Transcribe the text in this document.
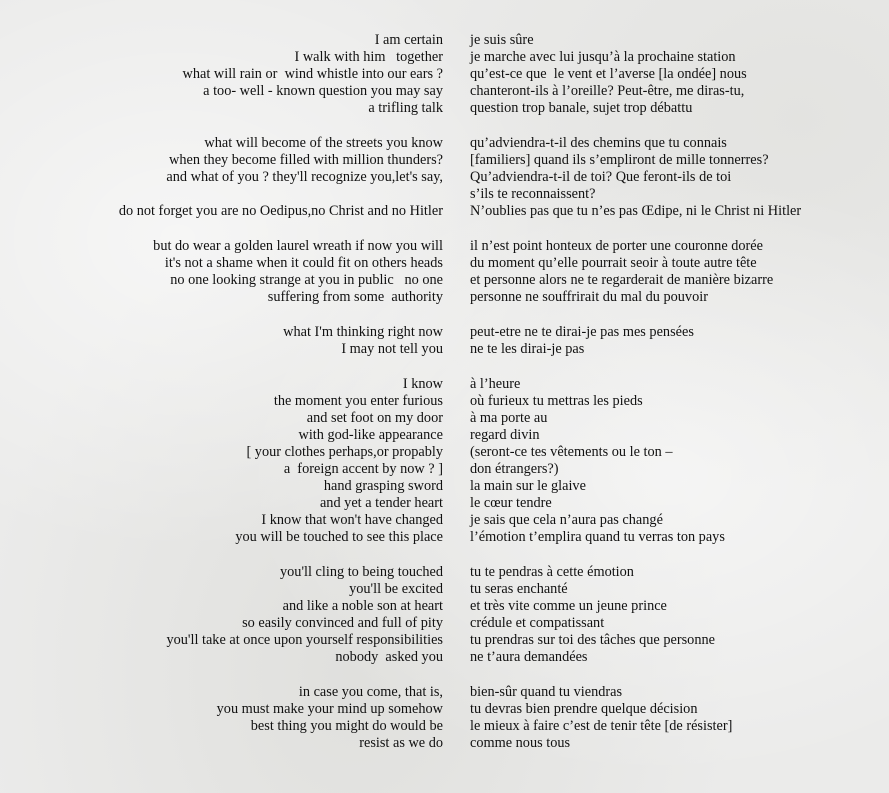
I am certain je suis sûre
I walk with him   together je marche avec lui jusqu’à la prochaine station
what will rain or  wind whistle into our ears ? qu’est-ce que  le vent et l’averse [la ondée] nous
a too- well - known question you may say chanteront-ils à l’oreille? Peut-être, me diras-tu,
a trifling talk question trop banale, sujet trop débattu
what will become of the streets you know qu’adviendra-t-il des chemins que tu connais
when they become filled with million thunders? [familiers] quand ils s’empliront de mille tonnerres?
and what of you ? they'll recognize you,let's say, Qu’adviendra-t-il de toi? Que feront-ils de toi
s’ils te reconnaissent?
do not forget you are no Oedipus,no Christ and no Hitler N’oublies pas que tu n’es pas Œdipe, ni le Christ ni Hitler
but do wear a golden laurel wreath if now you will il n’est point honteux de porter une couronne dorée
it's not a shame when it could fit on others heads du moment qu’elle pourrait seoir à toute autre tête
no one looking strange at you in public   no one et personne alors ne te regarderait de manière bizarre
suffering from some  authority personne ne souffrirait du mal du pouvoir
what I'm thinking right now peut-etre ne te dirai-je pas mes pensées
I may not tell you ne te les dirai-je pas
I know à l’heure
the moment you enter furious où furieux tu mettras les pieds
and set foot on my door à ma porte au
with god-like appearance regard divin
[ your clothes perhaps,or propably (seront-ce tes vêtements ou le ton –
a  foreign accent by now ? ] don étrangers?)
hand grasping sword la main sur le glaive
and yet a tender heart le cœur tendre
I know that won't have changed je sais que cela n’aura pas changé
you will be touched to see this place l’émotion t’emplira quand tu verras ton pays
you'll cling to being touched tu te pendras à cette émotion
you'll be excited tu seras enchanté
and like a noble son at heart et très vite comme un jeune prince
so easily convinced and full of pity crédule et compatissant
you'll take at once upon yourself responsibilities tu prendras sur toi des tâches que personne
nobody  asked you ne t’aura demandées
in case you come, that is, bien-sûr quand tu viendras
you must make your mind up somehow tu devras bien prendre quelque décision
best thing you might do would be le mieux à faire c’est de tenir tête [de résister]
resist as we do comme nous tous
